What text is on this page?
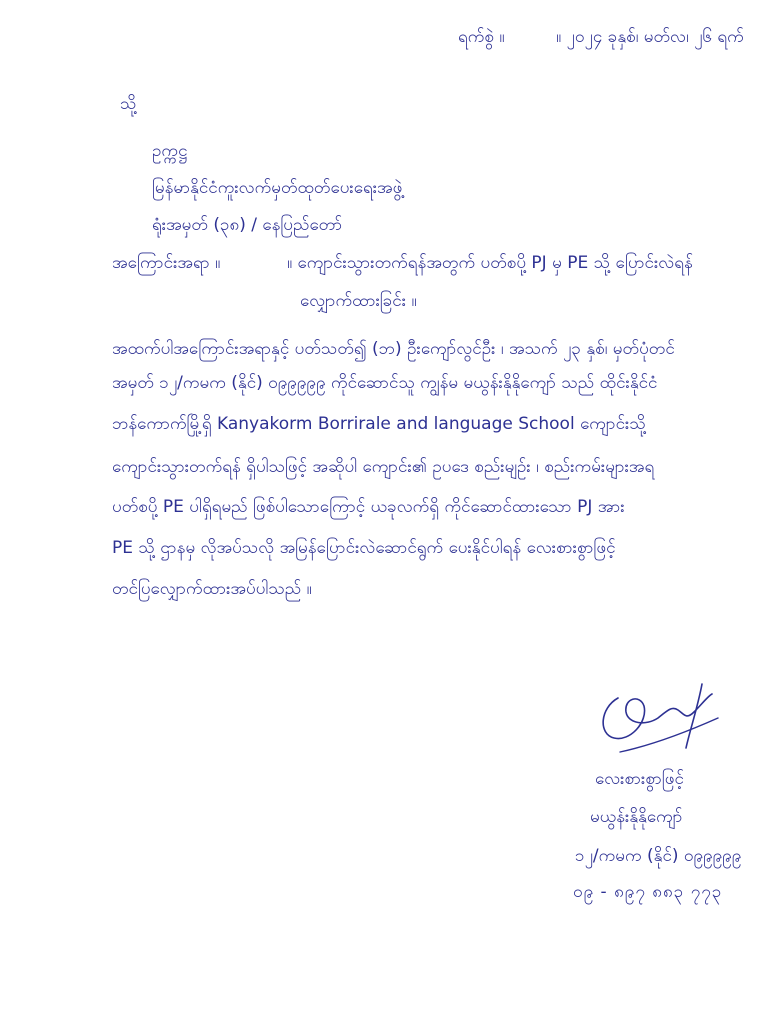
ရက်စွဲ ။	။ ၂၀၂၄ ခုနှစ်၊ မတ်လ၊ ၂၆ ရက်
သို့
ဥက္ကဋ္ဌ
မြန်မာနိုင်ငံကူးလက်မှတ်ထုတ်ပေးရေးအဖွဲ့
ရုံးအမှတ် (၃၈) / နေပြည်တော်
အကြောင်းအရာ ။	။ ကျောင်းသွားတက်ရန်အတွက် ပတ်စပို့ PJ မှ PE သို့ ပြောင်းလဲရန်
လျှောက်ထားခြင်း ။
အထက်ပါအကြောင်းအရာနှင့် ပတ်သတ်၍ (ဘ) ဦးကျော်လွင်ဦး ၊ အသက် ၂၃ နှစ်၊ မှတ်ပုံတင်
အမှတ် ၁၂/ကမက (နိုင်) ၀၉၉၉၉၉ ကိုင်ဆောင်သူ ကျွန်မ မယွန်းနိုနိုကျော် သည် ထိုင်းနိုင်ငံ
ဘန်ကောက်မြို့ရှိ Kanyakorm Borrirale and language School ကျောင်းသို့
ကျောင်းသွားတက်ရန် ရှိပါသဖြင့် အဆိုပါ ကျောင်း၏ ဥပဒေ စည်းမျဉ်း ၊ စည်းကမ်းများအရ
ပတ်စပို့ PE ပါရှိရမည် ဖြစ်ပါသောကြောင့် ယခုလက်ရှိ ကိုင်ဆောင်ထားသော PJ အား
PE သို့ ဌာနမှ လိုအပ်သလို အမြန်ပြောင်းလဲဆောင်ရွက် ပေးနိုင်ပါရန် လေးစားစွာဖြင့်
တင်ပြလျှောက်ထားအပ်ပါသည် ။
လေးစားစွာဖြင့်
မယွန်းနိုနိုကျော်
၁၂/ကမက (နိုင်) ၀၉၉၉၉၉
၀၉ - ၈၉၇ ၈၈၃ ၇၇၃
